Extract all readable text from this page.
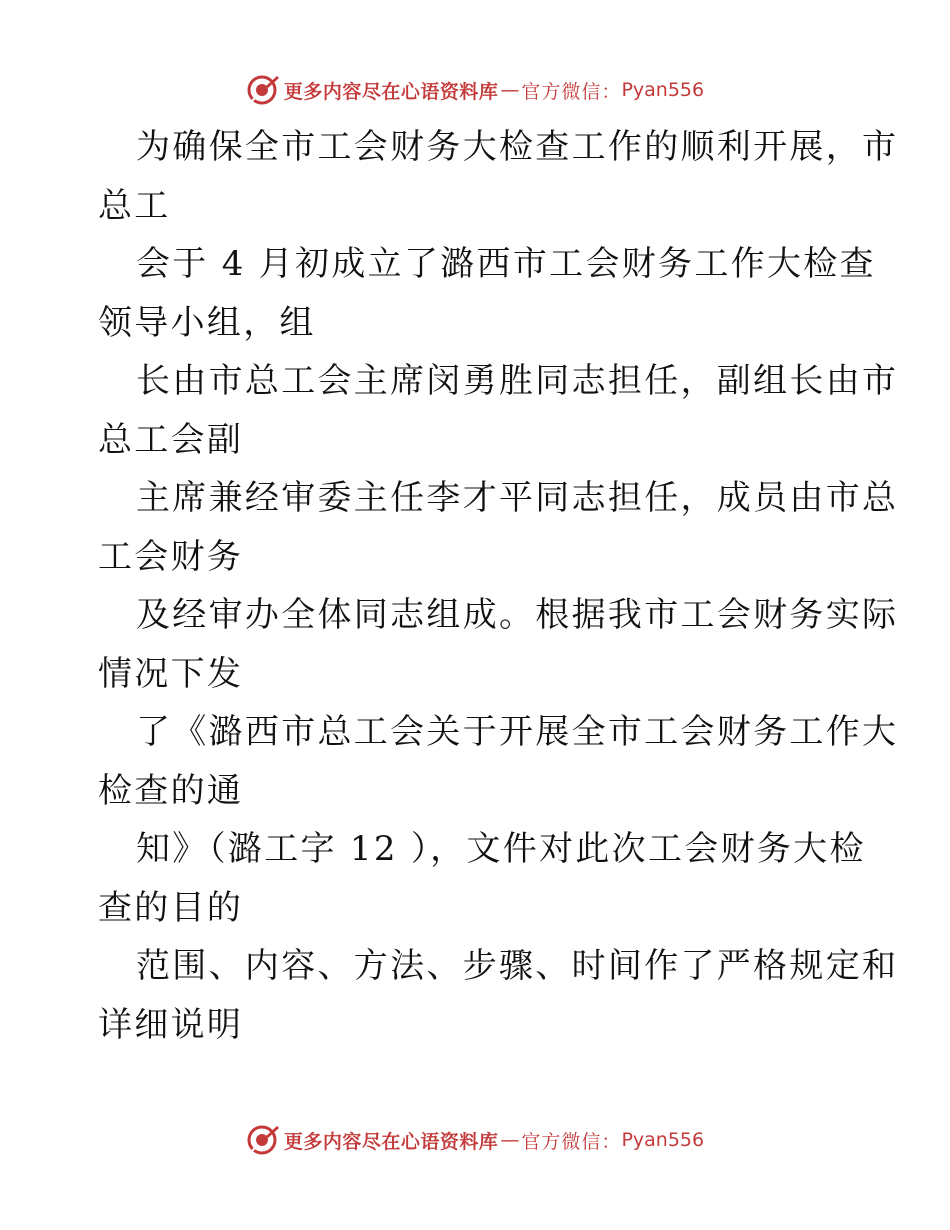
更多内容尽在心语资料库 — 官方微信： Pyan556
为确保全市工会财务大检查工作的顺利开展，市
总工
会于 4 月初成立了潞西市工会财务工作大检查
领导小组，组
长由市总工会主席闵勇胜同志担任，副组长由市
总工会副
主席兼经审委主任李才平同志担任，成员由市总
工会财务
及经审办全体同志组成。根据我市工会财务实际
情况下发
了《潞西市总工会关于开展全市工会财务工作大
检查的通
知》（潞工字 12 ），文件对此次工会财务大检
查的目的
范围、内容、方法、步骤、时间作了严格规定和
详细说明
更多内容尽在心语资料库 — 官方微信： Pyan556
